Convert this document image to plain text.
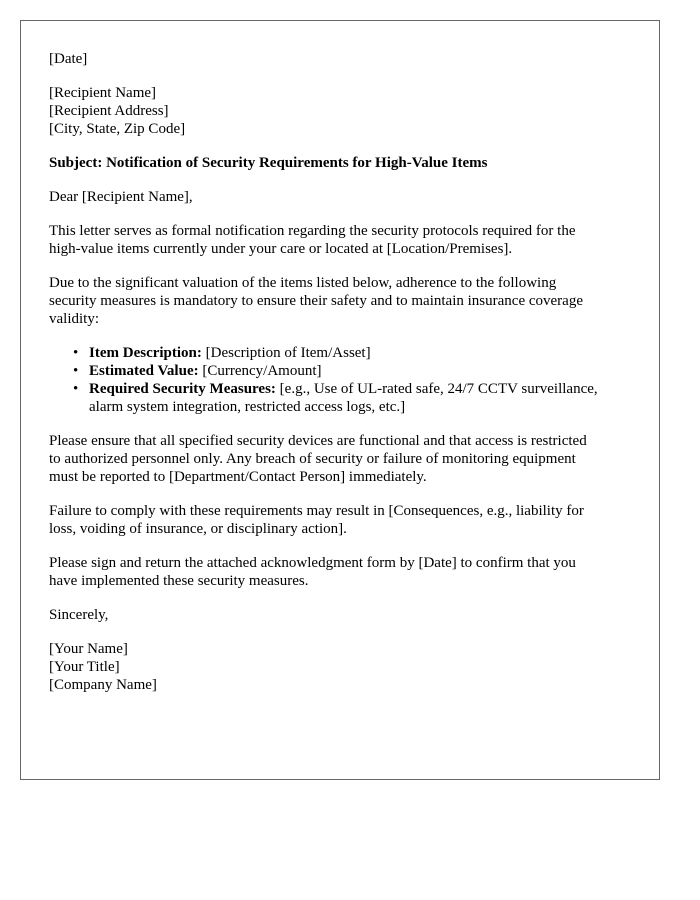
[Date]

[Recipient Name]
[Recipient Address]
[City, State, Zip Code]

Subject: Notification of Security Requirements for High-Value Items

Dear [Recipient Name],

This letter serves as formal notification regarding the security protocols required for the
high-value items currently under your care or located at [Location/Premises].

Due to the significant valuation of the items listed below, adherence to the following
security measures is mandatory to ensure their safety and to maintain insurance coverage
validity:

• Item Description: [Description of Item/Asset]
• Estimated Value: [Currency/Amount]
• Required Security Measures: [e.g., Use of UL-rated safe, 24/7 CCTV surveillance,
alarm system integration, restricted access logs, etc.]

Please ensure that all specified security devices are functional and that access is restricted
to authorized personnel only. Any breach of security or failure of monitoring equipment
must be reported to [Department/Contact Person] immediately.

Failure to comply with these requirements may result in [Consequences, e.g., liability for
loss, voiding of insurance, or disciplinary action].

Please sign and return the attached acknowledgment form by [Date] to confirm that you
have implemented these security measures.

Sincerely,

[Your Name]
[Your Title]
[Company Name]
